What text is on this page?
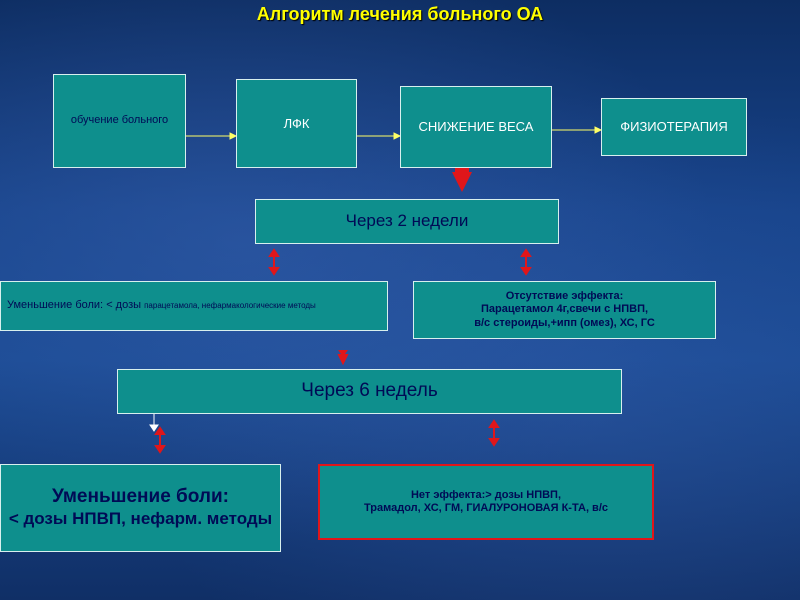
Алгоритм лечения больного ОА
обучение больного	ЛФК	СНИЖЕНИЕ ВЕСА	ФИЗИОТЕРАПИЯ
Через 2 недели
Уменьшение боли: < дозы парацетамола, нефармакологические методы
Отсутствие эффекта:
Парацетамол 4г,свечи с НПВП,
в/с стероиды,+ипп (омез), ХС, ГС
Через 6 недель
Уменьшение боли:
< дозы НПВП, нефарм. методы
Нет эффекта:> дозы НПВП,
Трамадол, ХС, ГМ, ГИАЛУРОНОВАЯ К-ТА, в/с
